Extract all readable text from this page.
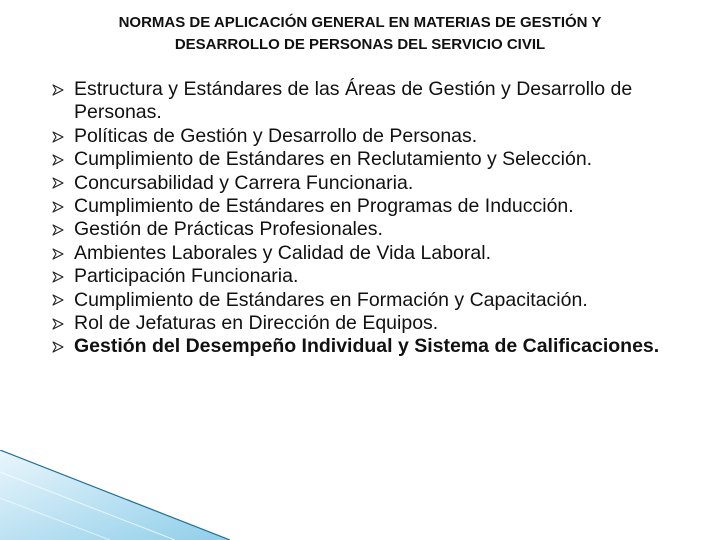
NORMAS DE APLICACIÓN GENERAL EN MATERIAS DE GESTIÓN Y
DESARROLLO DE PERSONAS DEL SERVICIO CIVIL
Estructura y Estándares de las Áreas de Gestión y Desarrollo de Personas.
Políticas de Gestión y Desarrollo de Personas.
Cumplimiento de Estándares en Reclutamiento y Selección.
Concursabilidad y Carrera Funcionaria.
Cumplimiento de Estándares en Programas de Inducción.
Gestión de Prácticas Profesionales.
Ambientes Laborales y Calidad de Vida Laboral.
Participación Funcionaria.
Cumplimiento de Estándares en Formación y Capacitación.
Rol de Jefaturas en Dirección de Equipos.
Gestión del Desempeño Individual y Sistema de Calificaciones.
